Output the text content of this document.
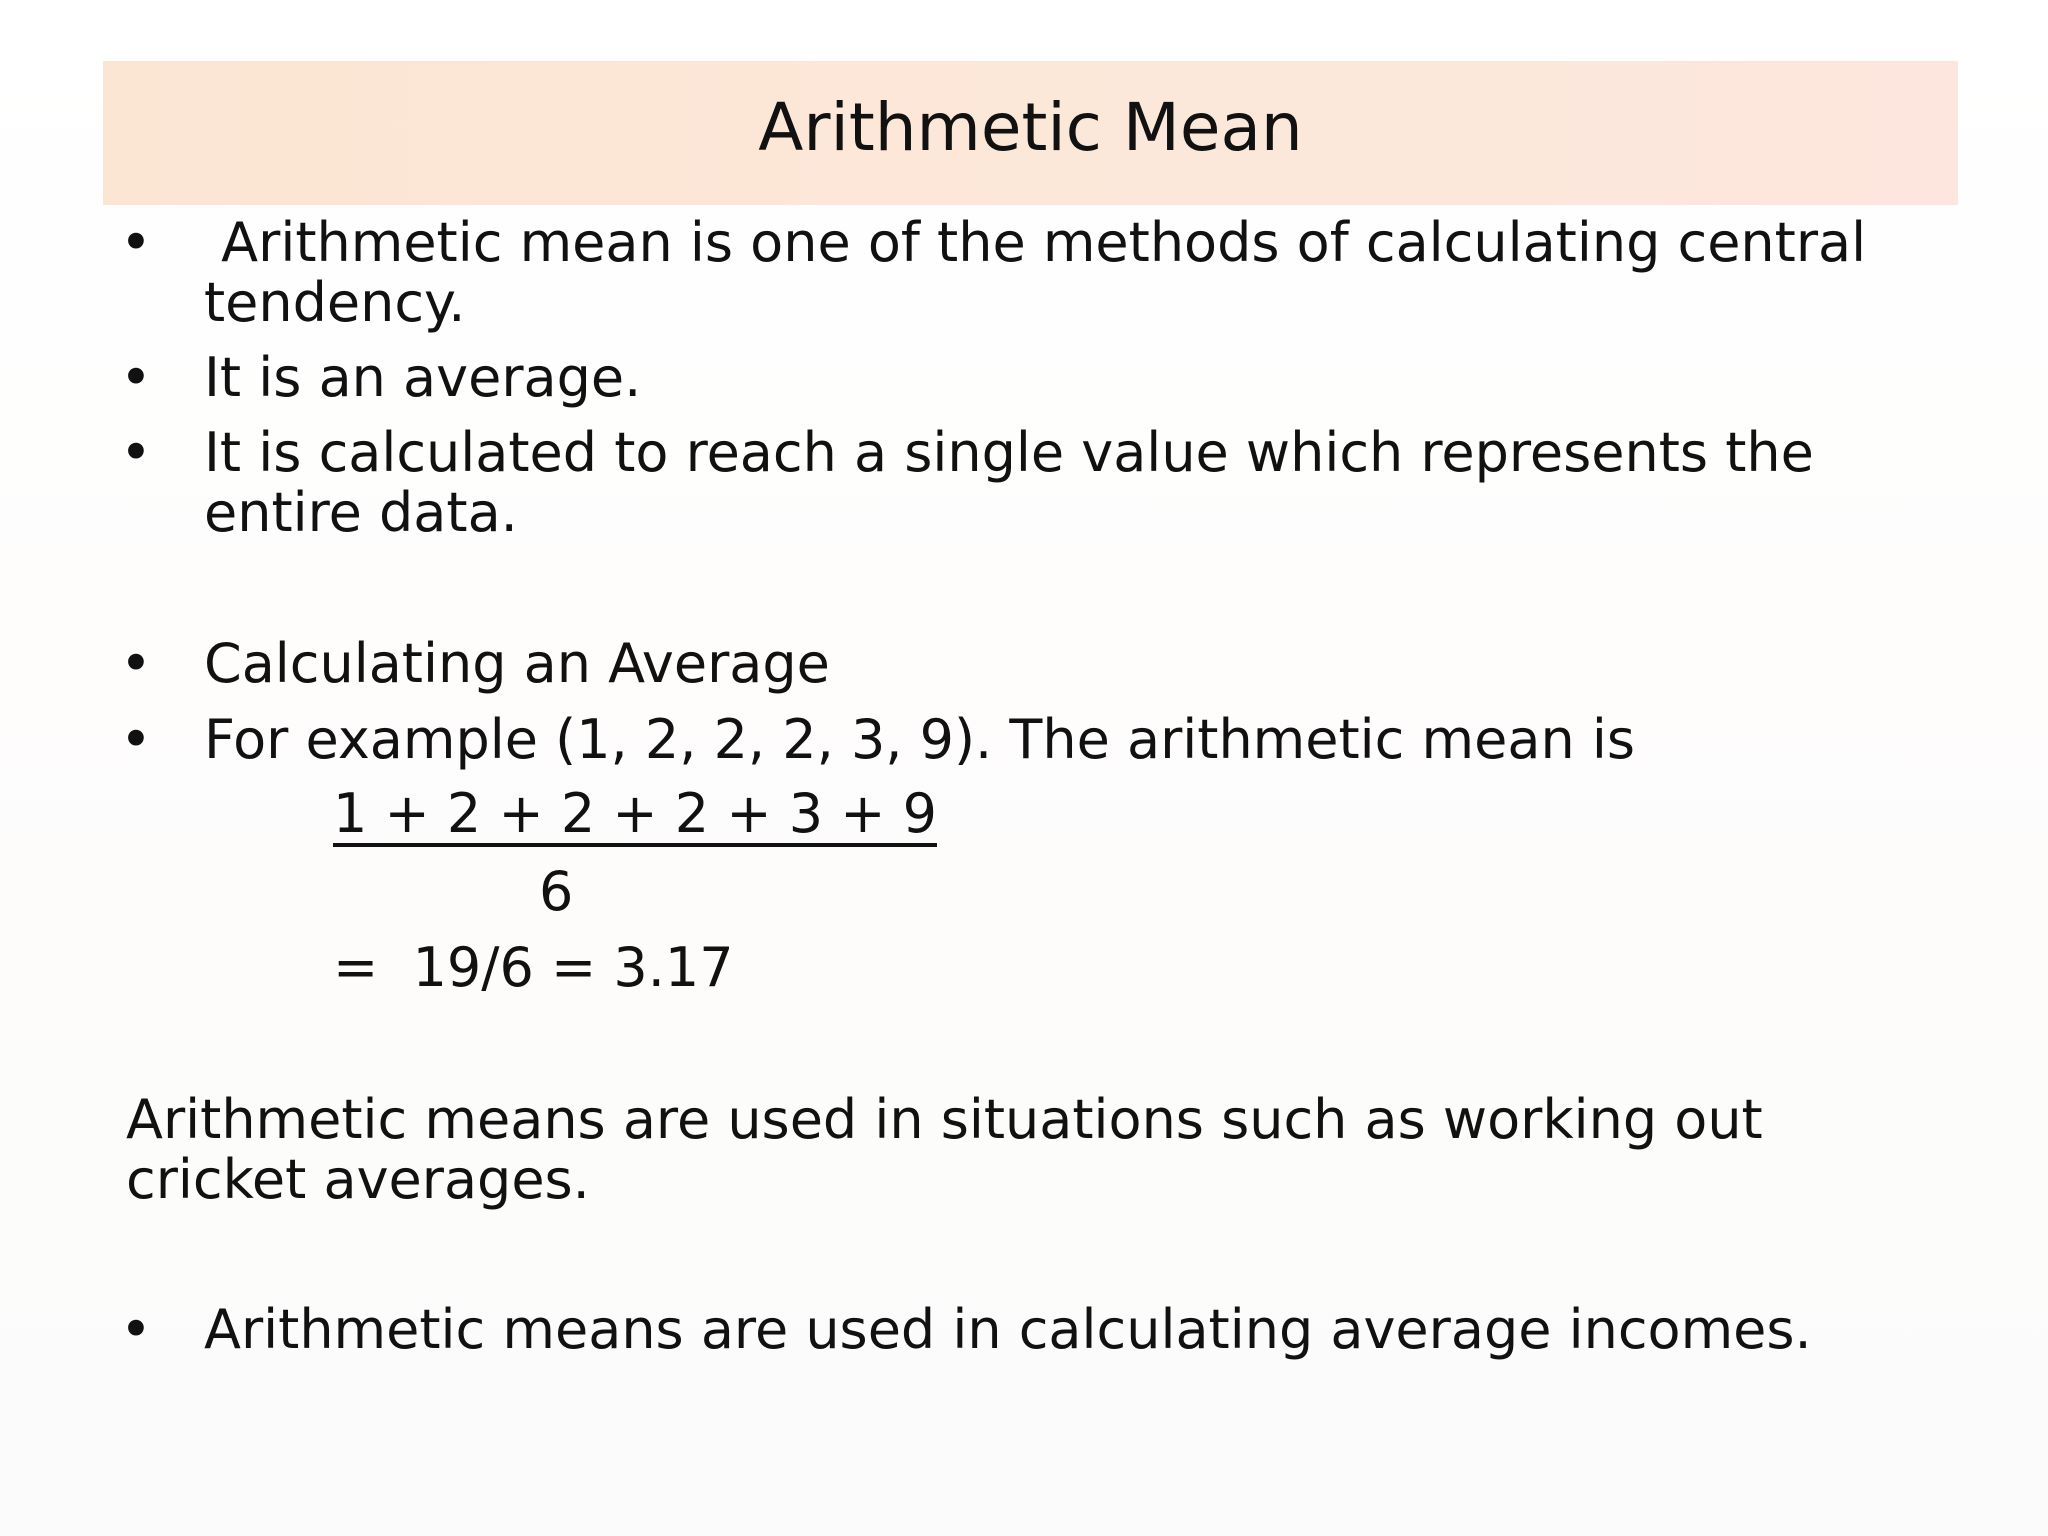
Arithmetic Mean
• Arithmetic mean is one of the methods of calculating central tendency.
• It is an average.
• It is calculated to reach a single value which represents the entire data.
• Calculating an Average
• For example (1, 2, 2, 2, 3, 9). The arithmetic mean is
1 + 2 + 2 + 2 + 3 + 9
6
=  19/6 = 3.17
Arithmetic means are used in situations such as working out cricket averages.
• Arithmetic means are used in calculating average incomes.
